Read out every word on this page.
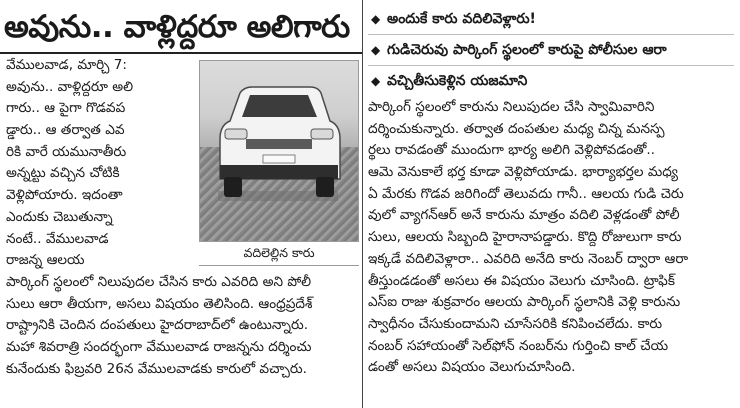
అవును.. వాళ్లిద్దరూ అలిగారు	◆ అందుకే కారు వదిలివెళ్లారు!
◆ గుడిచెరువు పార్కింగ్ స్థలంలో కారుపై పోలీసుల ఆరా
◆ వచ్చితీసుకెళ్లిన యజమాని
వేములవాడ, మార్చి 7:
అవును.. వాళ్లిద్దరూ అలి
గారు.. ఆ పైగా గొడవప
డ్డారు.. ఆ తర్వాత ఎవ
రికి వారే యమునాతీరు
అన్నట్టు వచ్చిన చోటికి
వెళ్లిపోయారు. ఇదంతా
ఎందుకు చెబుతున్నా
నంటే.. వేములవాడ
రాజన్న ఆలయ	వదిలెల్లిన కారు
పార్కింగ్ స్థలంలో నిలుపుదల చేసిన కారు ఎవరిది అని పోలీ
సులు ఆరా తీయగా, అసలు విషయం తెలిసింది. ఆంధ్రప్రదేశ్
రాష్ట్రానికి చెందిన దంపతులు హైదరాబాద్‌లో ఉంటున్నారు.
మహా శివరాత్రి సందర్భంగా వేములవాడ రాజన్నను దర్శించు
కునేందుకు ఫిబ్రవరి 26న వేములవాడకు కారులో వచ్చారు.
పార్కింగ్ స్థలంలో కారును నిలుపుదల చేసి స్వామివారిని
దర్శించుకున్నారు. తర్వాత దంపతుల మధ్య చిన్న మనస్ప
ర్థలు రావడంతో ముందుగా భార్య అలిగి వెళ్లిపోవడంతో..
ఆమె వెనుకాలే భర్త కూడా వెళ్లిపోయాడు. భార్యాభర్తల మధ్య
ఏ మేరకు గొడవ జరిగిందో తెలువదు గానీ.. ఆలయ గుడి చెరు
వులో వ్యాగన్‌ఆర్ అనే కారును మాత్రం వదిలి వెళ్లడంతో పోలీ
సులు, ఆలయ సిబ్బంది హైరానాపడ్డారు. కొద్ది రోజులుగా కారు
ఇక్కడే వదిలివెళ్లారా.. ఎవరిది అనేది కారు నెంబర్ ద్వారా ఆరా
తీస్తుండడంతో అసలు ఈ విషయం వెలుగు చూసింది. ట్రాఫిక్
ఎస్ఐ రాజు శుక్రవారం ఆలయ పార్కింగ్ స్థలానికి వెళ్లి కారును
స్వాధీనం చేసుకుందామని చూసేసరికి కనిపించలేదు. కారు
నంబర్ సహాయంతో సెల్‌ఫోన్ నంబర్‌ను గుర్తించి కాల్ చేయ
డంతో అసలు విషయం వెలుగుచూసింది.
